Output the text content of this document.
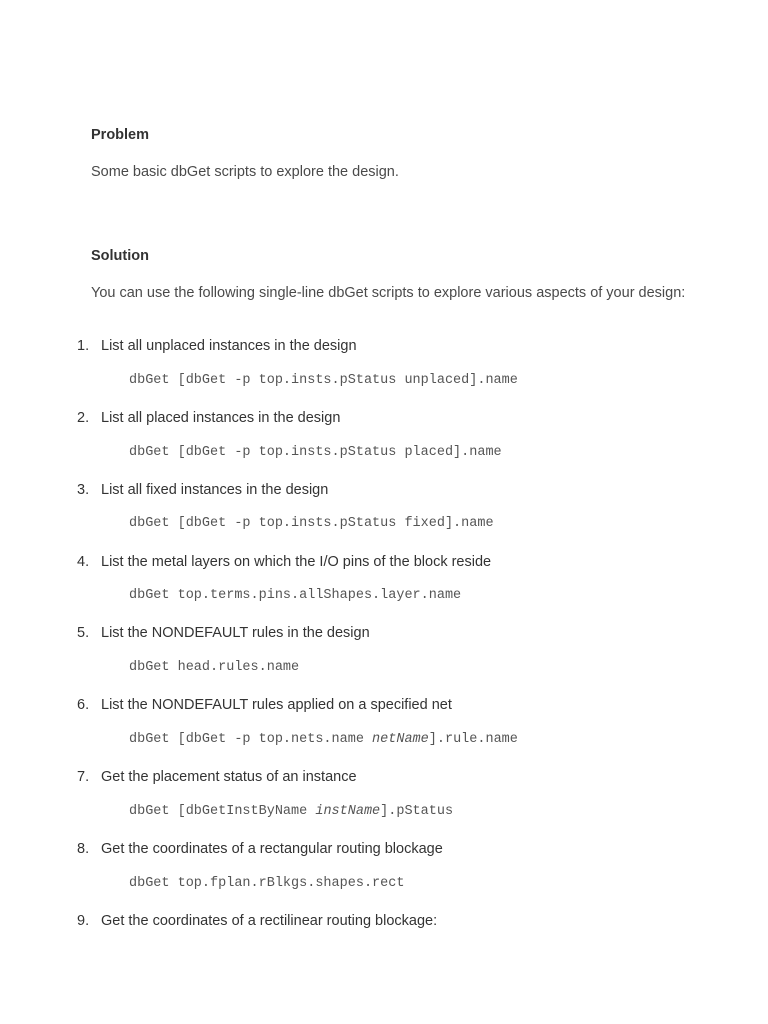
Problem

Some basic dbGet scripts to explore the design.

Solution

You can use the following single-line dbGet scripts to explore various aspects of your design:

1. List all unplaced instances in the design
dbGet [dbGet -p top.insts.pStatus unplaced].name
2. List all placed instances in the design
dbGet [dbGet -p top.insts.pStatus placed].name
3. List all fixed instances in the design
dbGet [dbGet -p top.insts.pStatus fixed].name
4. List the metal layers on which the I/O pins of the block reside
dbGet top.terms.pins.allShapes.layer.name
5. List the NONDEFAULT rules in the design
dbGet head.rules.name
6. List the NONDEFAULT rules applied on a specified net
dbGet [dbGet -p top.nets.name netName].rule.name
7. Get the placement status of an instance
dbGet [dbGetInstByName instName].pStatus
8. Get the coordinates of a rectangular routing blockage
dbGet top.fplan.rBlkgs.shapes.rect
9. Get the coordinates of a rectilinear routing blockage:
